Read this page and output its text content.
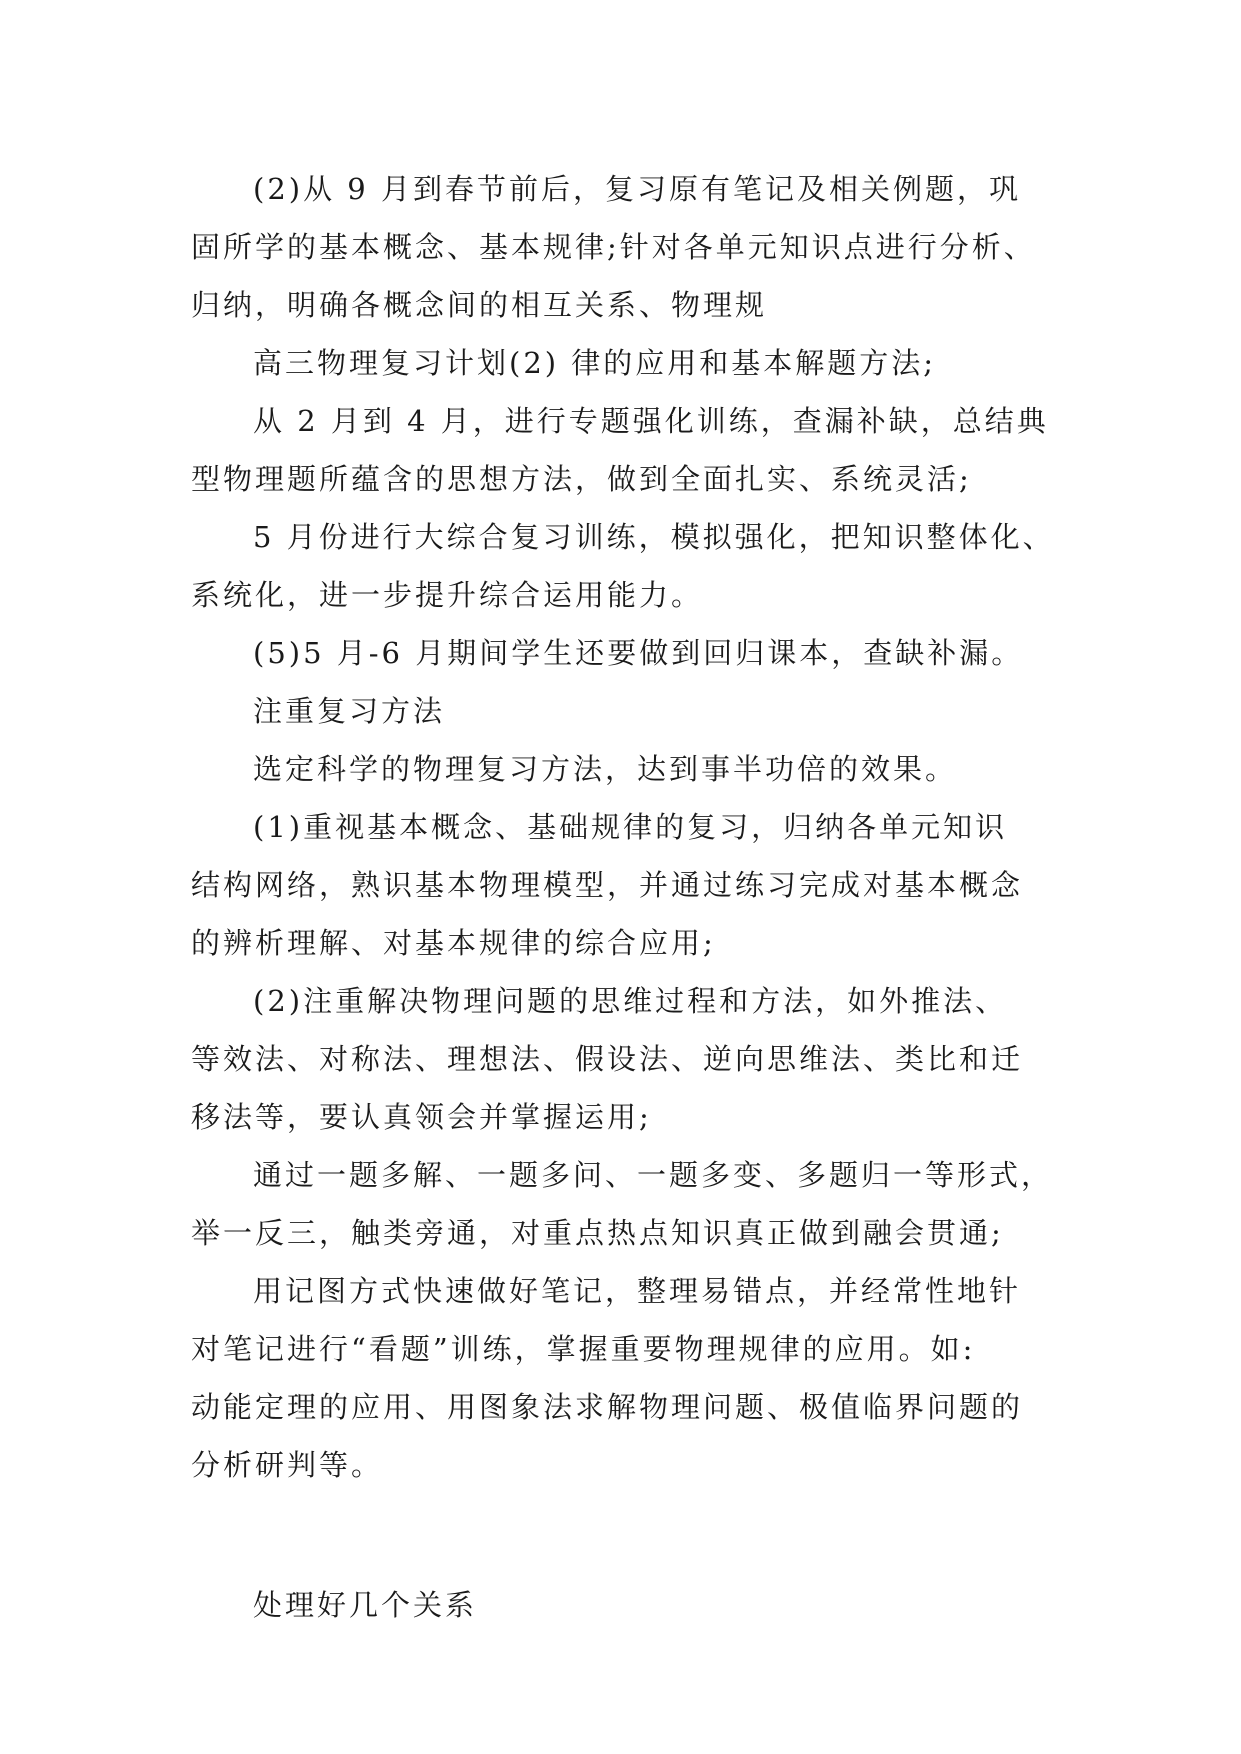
(2)从 9 月到春节前后，复习原有笔记及相关例题，巩
固所学的基本概念、基本规律;针对各单元知识点进行分析、
归纳，明确各概念间的相互关系、物理规
高三物理复习计划(2) 律的应用和基本解题方法;
从 2 月到 4 月，进行专题强化训练，查漏补缺，总结典
型物理题所蕴含的思想方法，做到全面扎实、系统灵活;
5 月份进行大综合复习训练，模拟强化，把知识整体化、
系统化，进一步提升综合运用能力。
(5)5 月-6 月期间学生还要做到回归课本，查缺补漏。
注重复习方法
选定科学的物理复习方法，达到事半功倍的效果。
(1)重视基本概念、基础规律的复习，归纳各单元知识
结构网络，熟识基本物理模型，并通过练习完成对基本概念
的辨析理解、对基本规律的综合应用;
(2)注重解决物理问题的思维过程和方法，如外推法、
等效法、对称法、理想法、假设法、逆向思维法、类比和迁
移法等，要认真领会并掌握运用;
通过一题多解、一题多问、一题多变、多题归一等形式，
举一反三，触类旁通，对重点热点知识真正做到融会贯通;
用记图方式快速做好笔记，整理易错点，并经常性地针
对笔记进行“看题”训练，掌握重要物理规律的应用。如:
动能定理的应用、用图象法求解物理问题、极值临界问题的
分析研判等。
处理好几个关系
